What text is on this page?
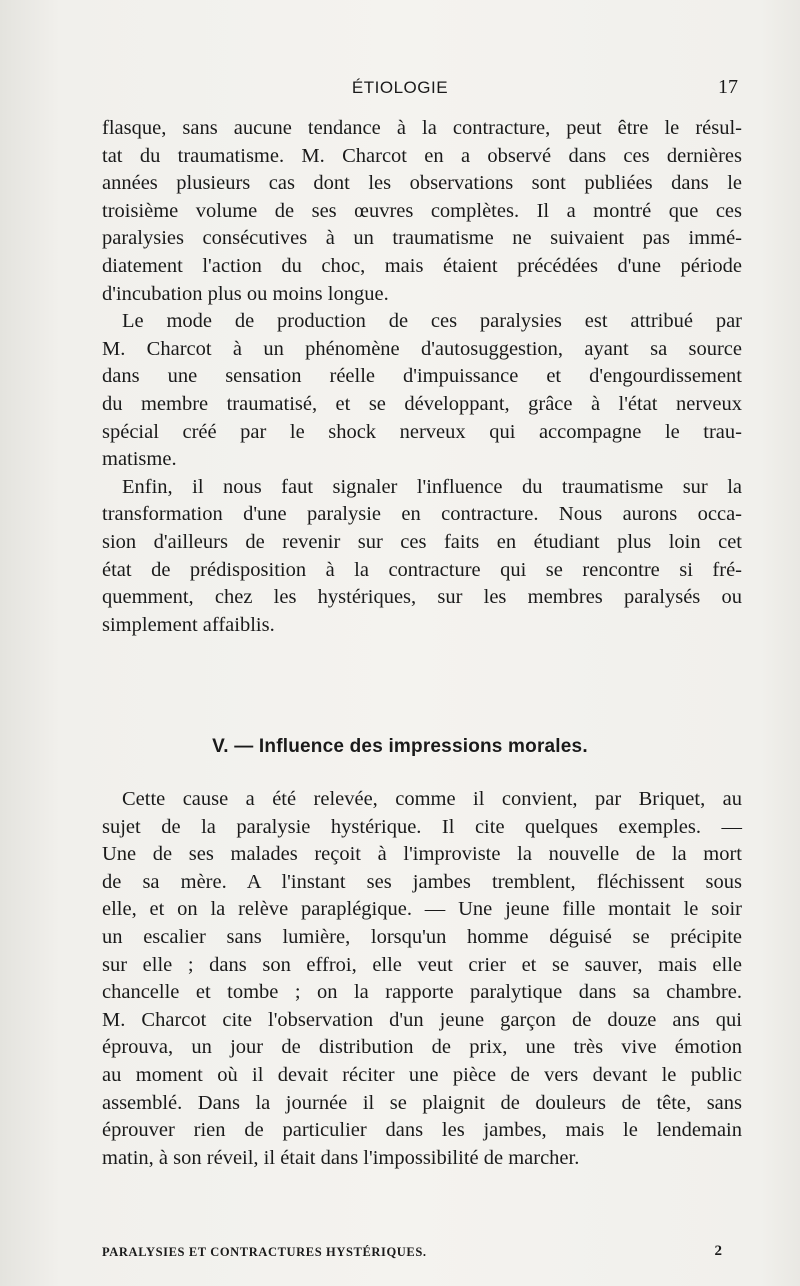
ÉTIOLOGIE	17
flasque, sans aucune tendance à la contracture, peut être le résul-
tat du traumatisme. M. Charcot en a observé dans ces dernières
années plusieurs cas dont les observations sont publiées dans le
troisième volume de ses œuvres complètes. Il a montré que ces
paralysies consécutives à un traumatisme ne suivaient pas immé-
diatement l'action du choc, mais étaient précédées d'une période
d'incubation plus ou moins longue.
Le mode de production de ces paralysies est attribué par
M. Charcot à un phénomène d'autosuggestion, ayant sa source
dans une sensation réelle d'impuissance et d'engourdissement
du membre traumatisé, et se développant, grâce à l'état nerveux
spécial créé par le shock nerveux qui accompagne le trau-
matisme.
Enfin, il nous faut signaler l'influence du traumatisme sur la
transformation d'une paralysie en contracture. Nous aurons occa-
sion d'ailleurs de revenir sur ces faits en étudiant plus loin cet
état de prédisposition à la contracture qui se rencontre si fré-
quemment, chez les hystériques, sur les membres paralysés ou
simplement affaiblis.
V. — Influence des impressions morales.
Cette cause a été relevée, comme il convient, par Briquet, au
sujet de la paralysie hystérique. Il cite quelques exemples. —
Une de ses malades reçoit à l'improviste la nouvelle de la mort
de sa mère. A l'instant ses jambes tremblent, fléchissent sous
elle, et on la relève paraplégique. — Une jeune fille montait le soir
un escalier sans lumière, lorsqu'un homme déguisé se précipite
sur elle ; dans son effroi, elle veut crier et se sauver, mais elle
chancelle et tombe ; on la rapporte paralytique dans sa chambre.
M. Charcot cite l'observation d'un jeune garçon de douze ans qui
éprouva, un jour de distribution de prix, une très vive émotion
au moment où il devait réciter une pièce de vers devant le public
assemblé. Dans la journée il se plaignit de douleurs de tête, sans
éprouver rien de particulier dans les jambes, mais le lendemain
matin, à son réveil, il était dans l'impossibilité de marcher.
PARALYSIES ET CONTRACTURES HYSTÉRIQUES.	2
